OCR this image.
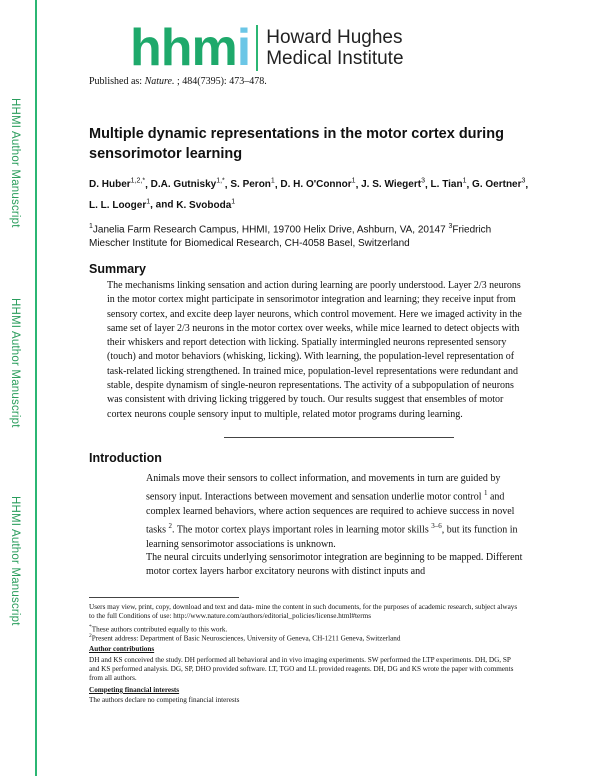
HHMI Author Manuscript
HHMI Author Manuscript
HHMI Author Manuscript
hhmi Howard Hughes
Medical Institute
Published as: Nature. ; 484(7395): 473–478.
Multiple dynamic representations in the motor cortex during sensorimotor learning
D. Huber$^{1,2,*}$, D.A. Gutnisky$^{1,*}$, S. Peron$^1$, D. H. O'Connor$^1$, J. S. Wiegert$^3$, L. Tian$^1$, G. Oertner$^3$, L. L. Looger$^1$, and K. Svoboda$^1$
$^1$Janelia Farm Research Campus, HHMI, 19700 Helix Drive, Ashburn, VA, 20147 $^3$Friedrich Miescher Institute for Biomedical Research, CH-4058 Basel, Switzerland
Summary

The mechanisms linking sensation and action during learning are poorly understood. Layer 2/3 neurons in the motor cortex might participate in sensorimotor integration and learning; they receive input from sensory cortex, and excite deep layer neurons, which control movement. Here we imaged activity in the same set of layer 2/3 neurons in the motor cortex over weeks, while mice learned to detect objects with their whiskers and report detection with licking. Spatially intermingled neurons represented sensory (touch) and motor behaviors (whisking, licking). With learning, the population-level representation of task-related licking strengthened. In trained mice, population-level representations were redundant and stable, despite dynamism of single-neuron representations. The activity of a subpopulation of neurons was consistent with driving licking triggered by touch. Our results suggest that ensembles of motor cortex neurons couple sensory input to multiple, related motor programs during learning.

Introduction

Animals move their sensors to collect information, and movements in turn are guided by sensory input. Interactions between movement and sensation underlie motor control $^1$ and complex learned behaviors, where action sequences are required to achieve success in novel tasks $^2$. The motor cortex plays important roles in learning motor skills $^{3-6}$, but its function in learning sensorimotor associations is unknown.

The neural circuits underlying sensorimotor integration are beginning to be mapped. Different motor cortex layers harbor excitatory neurons with distinct inputs and

Users may view, print, copy, download and text and data- mine the content in such documents, for the purposes of academic research, subject always to the full Conditions of use: http://www.nature.com/authors/editorial_policies/license.html#terms

*These authors contributed equally to this work.

$^2$Present address: Department of Basic Neurosciences, University of Geneva, CH-1211 Geneva, Switzerland

Author contributions

DH and KS conceived the study. DH performed all behavioral and in vivo imaging experiments. SW performed the LTP experiments. DH, DG, SP and KS performed analysis. DG, SP, DHO provided software. LT, TGO and LL provided reagents. DH, DG and KS wrote the paper with comments from all authors.

Competing financial interests

The authors declare no competing financial interests
